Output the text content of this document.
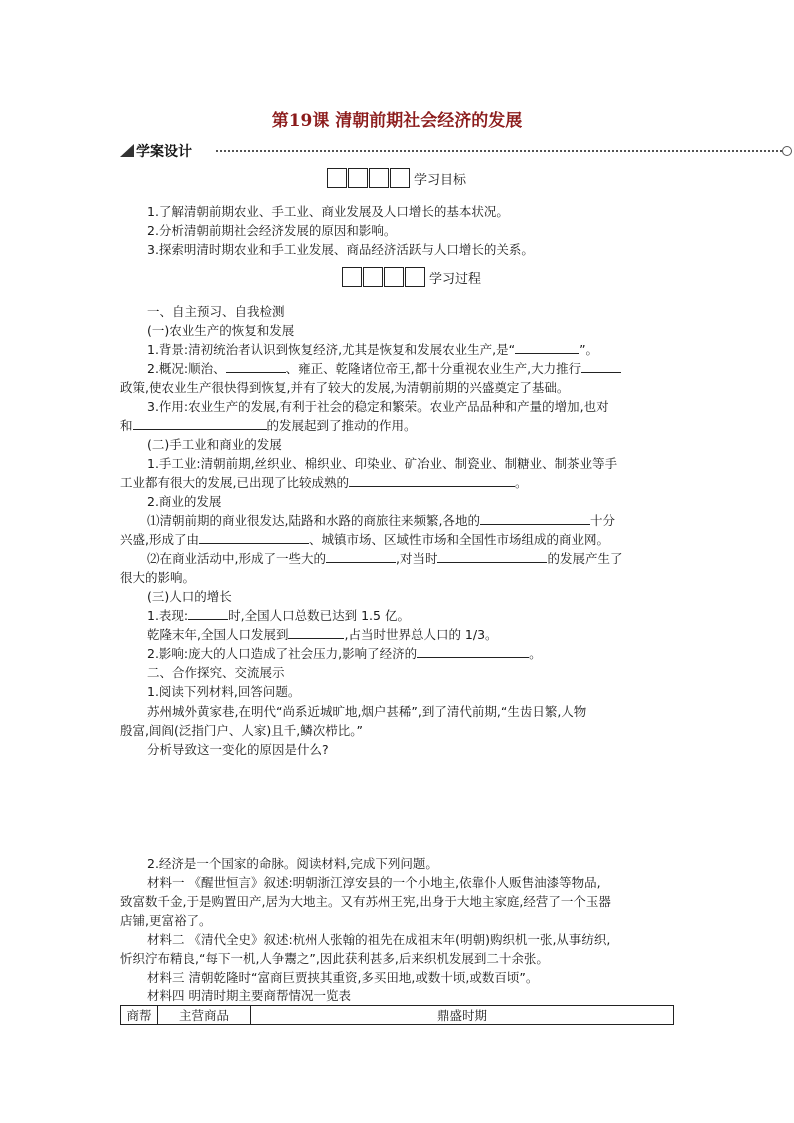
第19课 清朝前期社会经济的发展
学案设计
学习目标
1.了解清朝前期农业、手工业、商业发展及人口增长的基本状况。
2.分析清朝前期社会经济发展的原因和影响。
3.探索明清时期农业和手工业发展、商品经济活跃与人口增长的关系。
学习过程
一、自主预习、自我检测
(一)农业生产的恢复和发展
1.背景:清初统治者认识到恢复经济,尤其是恢复和发展农业生产,是“	”。
2.概况:顺治、	、雍正、乾隆诸位帝王,都十分重视农业生产,大力推行
政策,使农业生产很快得到恢复,并有了较大的发展,为清朝前期的兴盛奠定了基础。
3.作用:农业生产的发展,有利于社会的稳定和繁荣。农业产品品种和产量的增加,也对
和	的发展起到了推动的作用。
(二)手工业和商业的发展
1.手工业:清朝前期,丝织业、棉织业、印染业、矿冶业、制瓷业、制糖业、制茶业等手
工业都有很大的发展,已出现了比较成熟的	。
2.商业的发展
⑴清朝前期的商业很发达,陆路和水路的商旅往来频繁,各地的	十分
兴盛,形成了由	、城镇市场、区域性市场和全国性市场组成的商业网。
⑵在商业活动中,形成了一些大的	,对当时	的发展产生了
很大的影响。
(三)人口的增长
1.表现:	时,全国人口总数已达到 1.5 亿。
乾隆末年,全国人口发展到	,占当时世界总人口的 1/3。
2.影响:庞大的人口造成了社会压力,影响了经济的	。
二、合作探究、交流展示
1.阅读下列材料,回答问题。
苏州城外黄家巷,在明代“尚系近城旷地,烟户甚稀”,到了清代前期,“生齿日繁,人物
殷富,闾阎(泛指门户、人家)且千,鳞次栉比。”
分析导致这一变化的原因是什么?
2.经济是一个国家的命脉。阅读材料,完成下列问题。
材料一 《醒世恒言》叙述:明朝浙江淳安县的一个小地主,依靠仆人贩售油漆等物品,
致富数千金,于是购置田产,居为大地主。又有苏州王宪,出身于大地主家庭,经营了一个玉器
店铺,更富裕了。
材料二 《清代全史》叙述:杭州人张翰的祖先在成祖末年(明朝)购织机一张,从事纺织,
忻织泞布精良,“每下一机,人争鬻之”,因此获利甚多,后来织机发展到二十余张。
材料三 清朝乾隆时“富商巨贾挟其重资,多买田地,或数十顷,或数百顷”。
材料四 明清时期主要商帮情况一览表
商帮	主营商品	鼎盛时期
